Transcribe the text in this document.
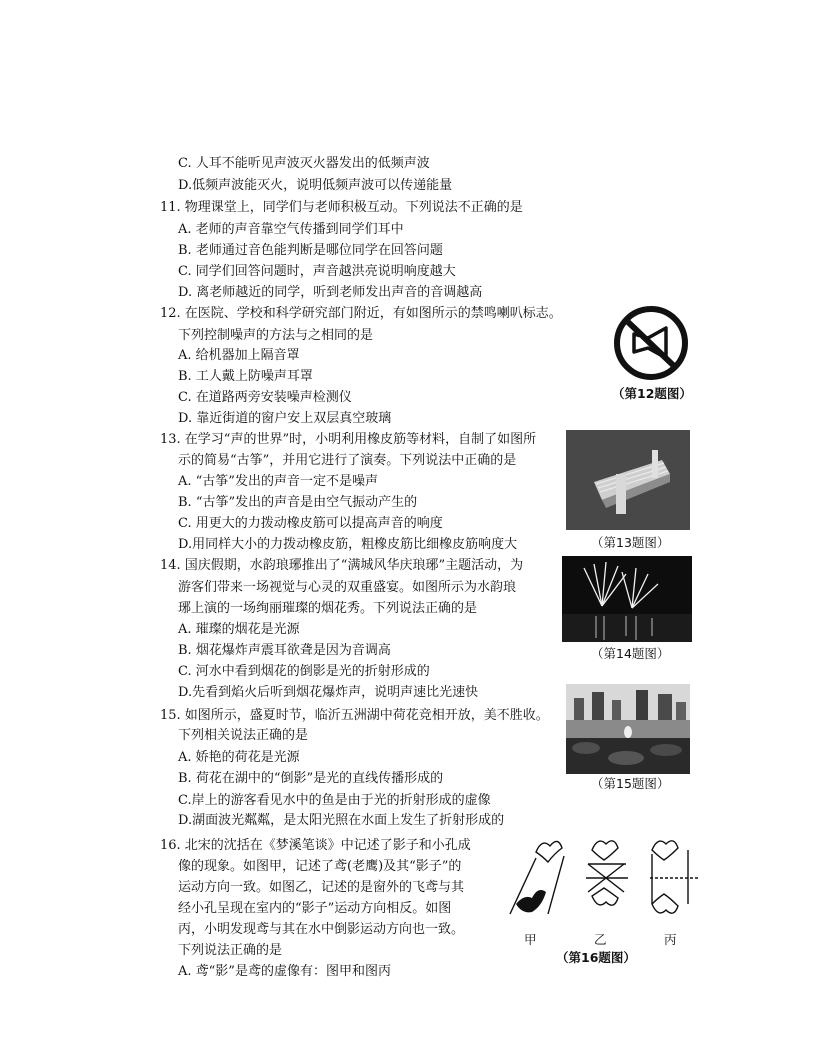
C. 人耳不能听见声波灭火器发出的低频声波
D.低频声波能灭火，说明低频声波可以传递能量
11. 物理课堂上，同学们与老师积极互动。下列说法不正确的是
A. 老师的声音靠空气传播到同学们耳中
B. 老师通过音色能判断是哪位同学在回答问题
C. 同学们回答问题时，声音越洪亮说明响度越大
D. 离老师越近的同学，听到老师发出声音的音调越高
12. 在医院、学校和科学研究部门附近，有如图所示的禁鸣喇叭标志。
下列控制噪声的方法与之相同的是
A. 给机器加上隔音罩
B. 工人戴上防噪声耳罩
C. 在道路两旁安装噪声检测仪
D. 靠近街道的窗户安上双层真空玻璃
（第12题图）
13. 在学习“声的世界”时，小明利用橡皮筋等材料，自制了如图所
示的简易“古筝”，并用它进行了演奏。下列说法中正确的是
A. “古筝”发出的声音一定不是噪声
B. “古筝”发出的声音是由空气振动产生的
C. 用更大的力拨动橡皮筋可以提高声音的响度
D.用同样大小的力拨动橡皮筋，粗橡皮筋比细橡皮筋响度大	（第13题图）
14. 国庆假期，水韵琅琊推出了“满城风华庆琅琊”主题活动，为
游客们带来一场视觉与心灵的双重盛宴。如图所示为水韵琅
琊上演的一场绚丽璀璨的烟花秀。下列说法正确的是
A. 璀璨的烟花是光源
B. 烟花爆炸声震耳欲聋是因为音调高
C. 河水中看到烟花的倒影是光的折射形成的
D.先看到焰火后听到烟花爆炸声，说明声速比光速快
（第14题图）
15. 如图所示，盛夏时节，临沂五洲湖中荷花竞相开放，美不胜收。
下列相关说法正确的是
A. 娇艳的荷花是光源
B. 荷花在湖中的“倒影”是光的直线传播形成的
C.岸上的游客看见水中的鱼是由于光的折射形成的虚像
D.湖面波光粼粼，是太阳光照在水面上发生了折射形成的
（第15题图）
16. 北宋的沈括在《梦溪笔谈》中记述了影子和小孔成
像的现象。如图甲，记述了鸢(老鹰)及其“影子”的
运动方向一致。如图乙，记述的是窗外的飞鸢与其
经小孔呈现在室内的“影子”运动方向相反。如图
丙，小明发现鸢与其在水中倒影运动方向也一致。
下列说法正确的是
A. 鸢“影”是鸢的虚像有：图甲和图丙
甲	乙	丙
（第16题图）
